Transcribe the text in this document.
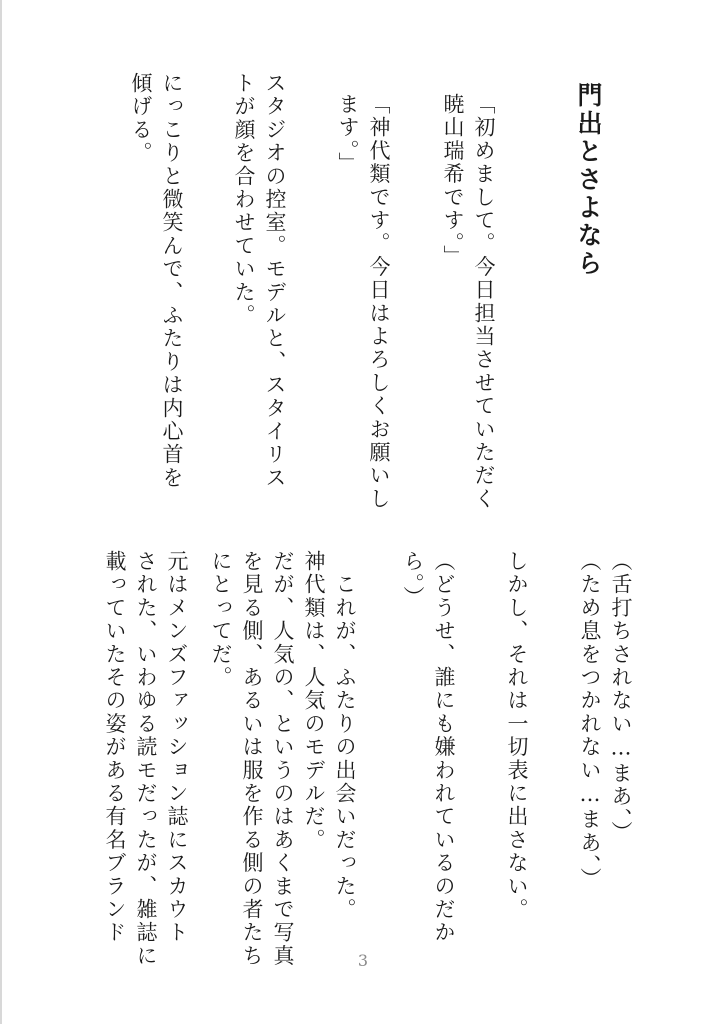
門出とさよなら
「初めまして。今日担当させていただく
暁山瑞希です。」
「神代類です。今日はよろしくお願いし
ます。」
スタジオの控室。モデルと、スタイリス
トが顔を合わせていた。
にっこりと微笑んで、ふたりは内心首を
傾げる。
（舌打ちされない…まあ、）
（ため息をつかれない…まあ、）
しかし、それは一切表に出さない。
（どうせ、誰にも嫌われているのだか
ら。）
　これが、ふたりの出会いだった。
神代類は、人気のモデルだ。
だが、人気の、というのはあくまで写真
を見る側、あるいは服を作る側の者たち
にとってだ。
元はメンズファッション誌にスカウト
された、いわゆる読モだったが、雑誌に
載っていたその姿がある有名ブランド
3
